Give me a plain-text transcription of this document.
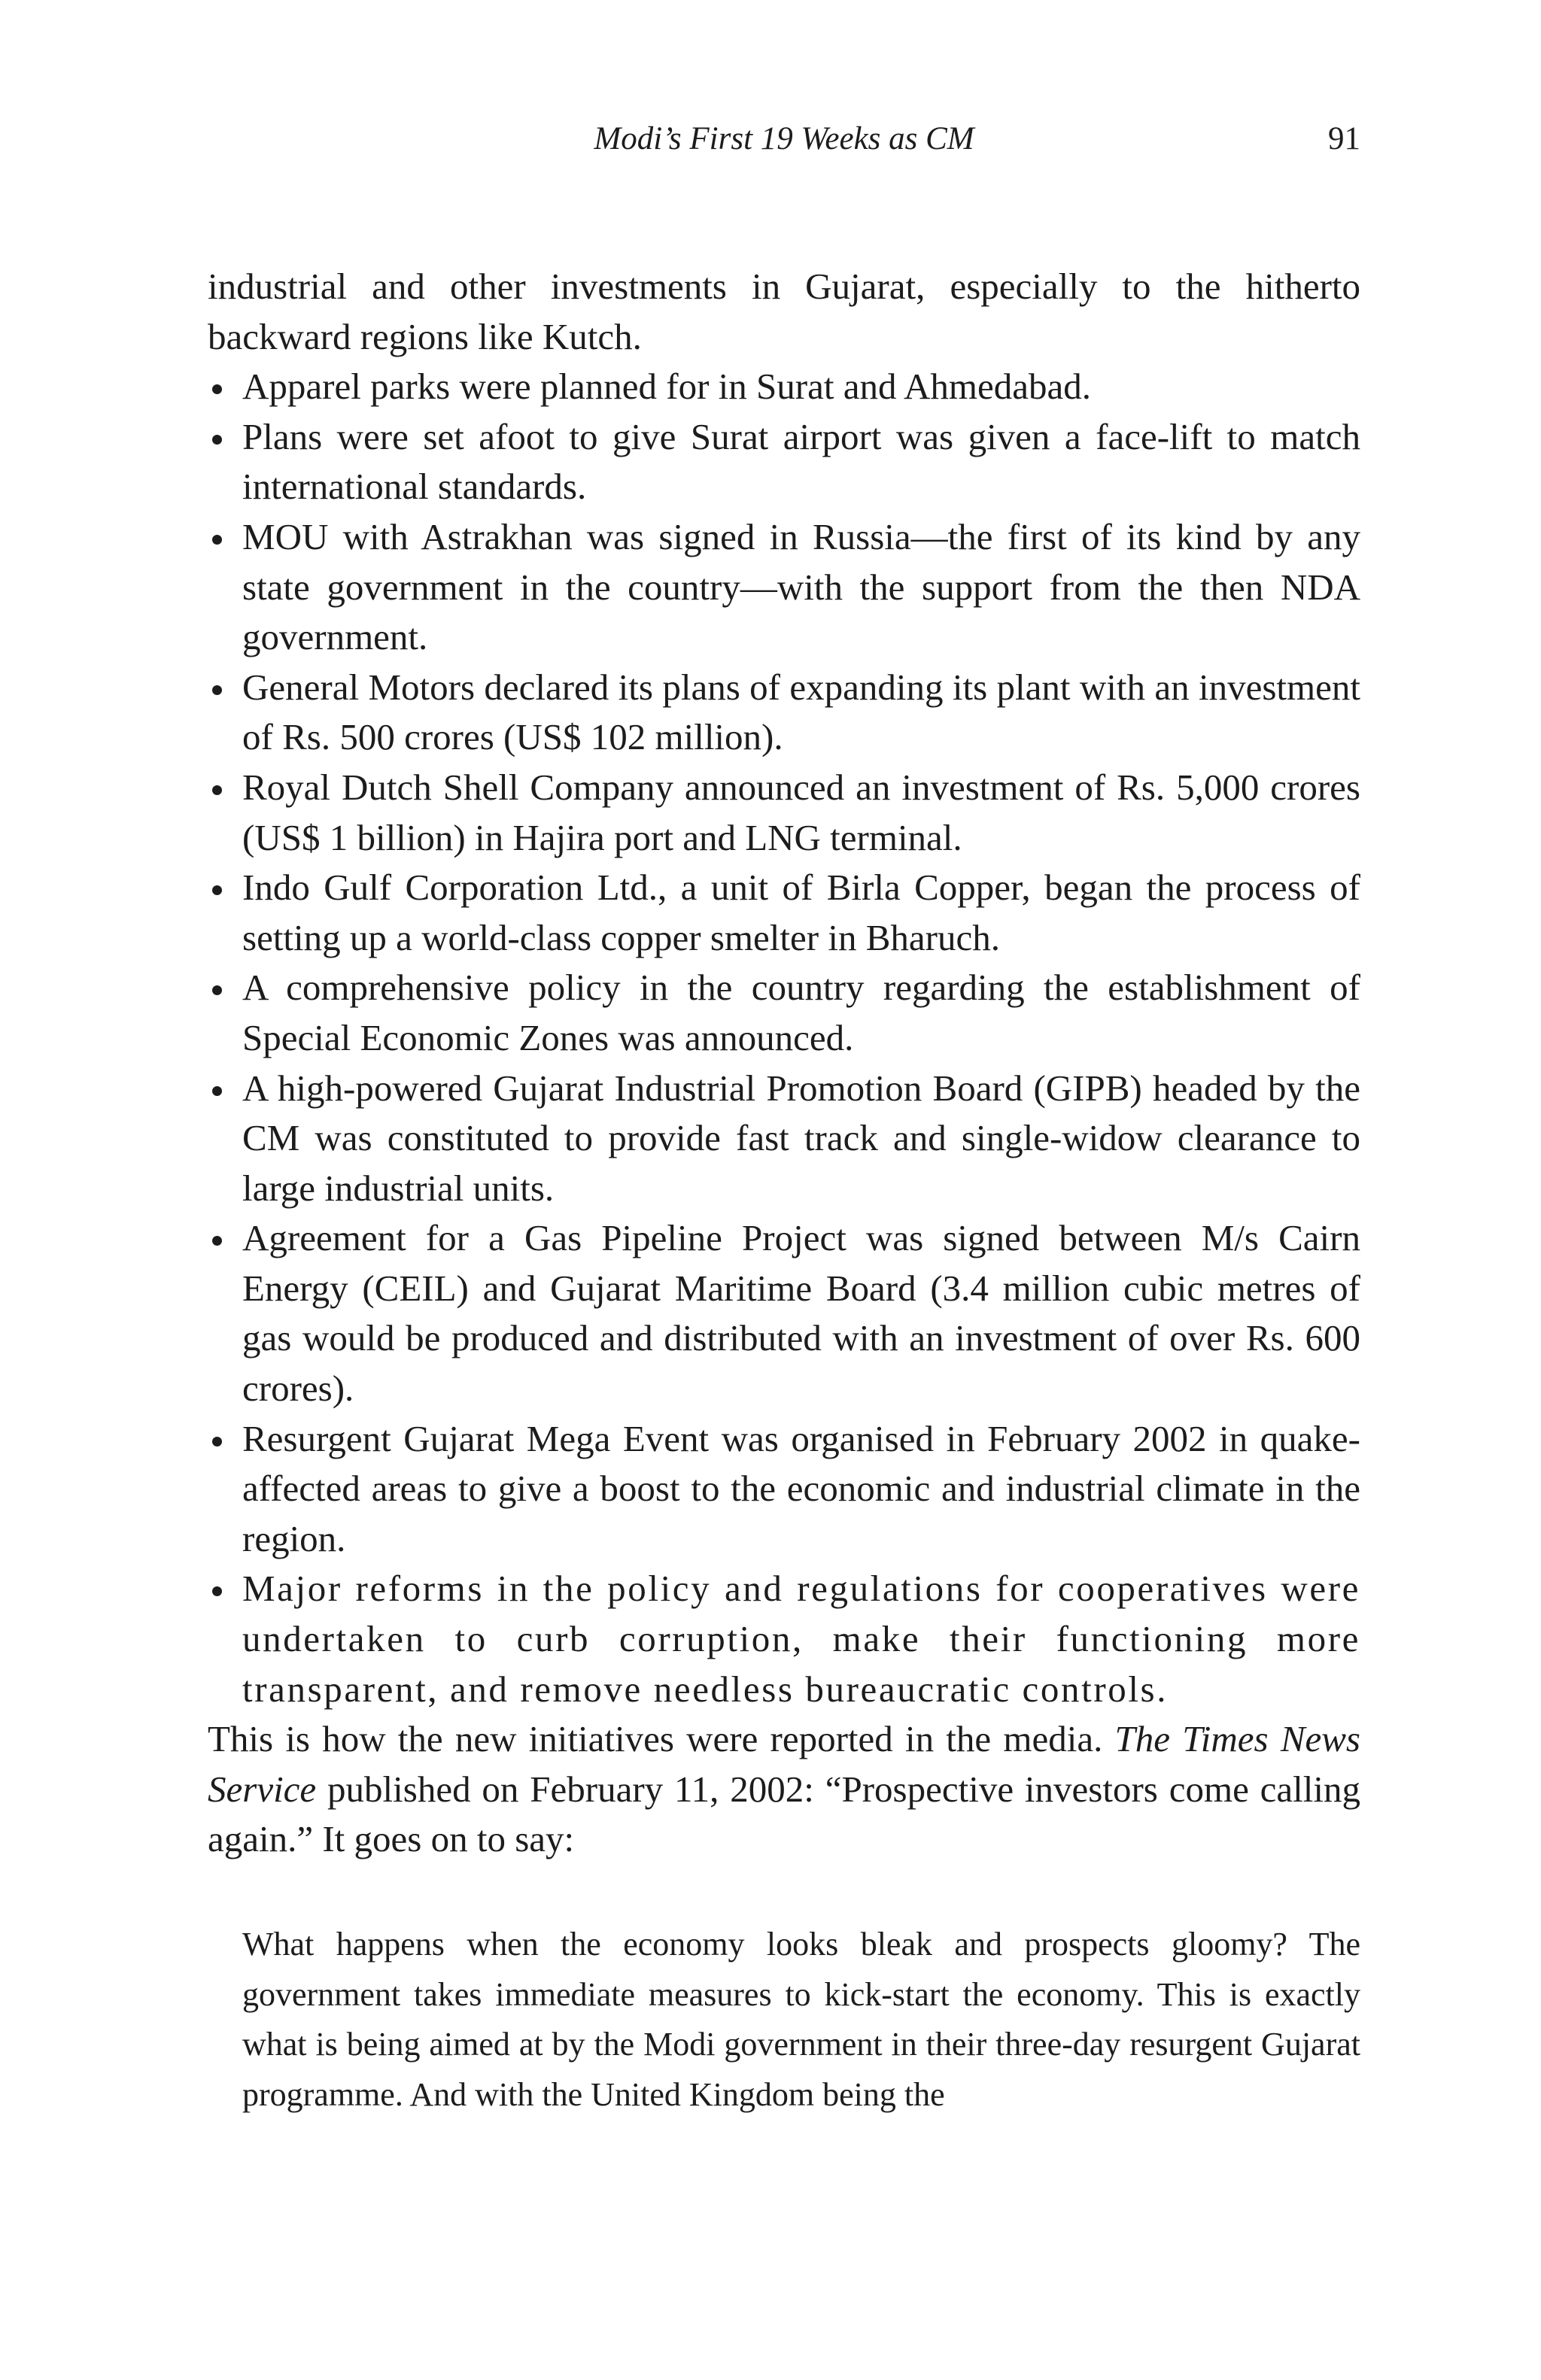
Modi’s First 19 Weeks as CM	91

industrial and other investments in Gujarat, especially to the hitherto backward regions like Kutch.

Apparel parks were planned for in Surat and Ahmedabad.
Plans were set afoot to give Surat airport was given a face-lift to match international standards.
MOU with Astrakhan was signed in Russia—the first of its kind by any state government in the country—with the support from the then NDA government.
General Motors declared its plans of expanding its plant with an investment of Rs. 500 crores (US$ 102 million).
Royal Dutch Shell Company announced an investment of Rs. 5,000 crores (US$ 1 billion) in Hajira port and LNG terminal.
Indo Gulf Corporation Ltd., a unit of Birla Copper, began the process of setting up a world-class copper smelter in Bharuch.
A comprehensive policy in the country regarding the establishment of Special Economic Zones was announced.
A high-powered Gujarat Industrial Promotion Board (GIPB) headed by the CM was constituted to provide fast track and single-widow clearance to large industrial units.
Agreement for a Gas Pipeline Project was signed between M/s Cairn Energy (CEIL) and Gujarat Maritime Board (3.4 million cubic metres of gas would be produced and distributed with an investment of over Rs. 600 crores).
Resurgent Gujarat Mega Event was organised in February 2002 in quake-affected areas to give a boost to the economic and industrial climate in the region.
Major reforms in the policy and regulations for cooperatives were undertaken to curb corruption, make their functioning more transparent, and remove needless bureaucratic controls.

This is how the new initiatives were reported in the media. The Times News Service published on February 11, 2002: “Prospective investors come calling again.” It goes on to say:

What happens when the economy looks bleak and prospects gloomy? The government takes immediate measures to kick-start the economy. This is exactly what is being aimed at by the Modi government in their three-day resurgent Gujarat programme. And with the United Kingdom being the
